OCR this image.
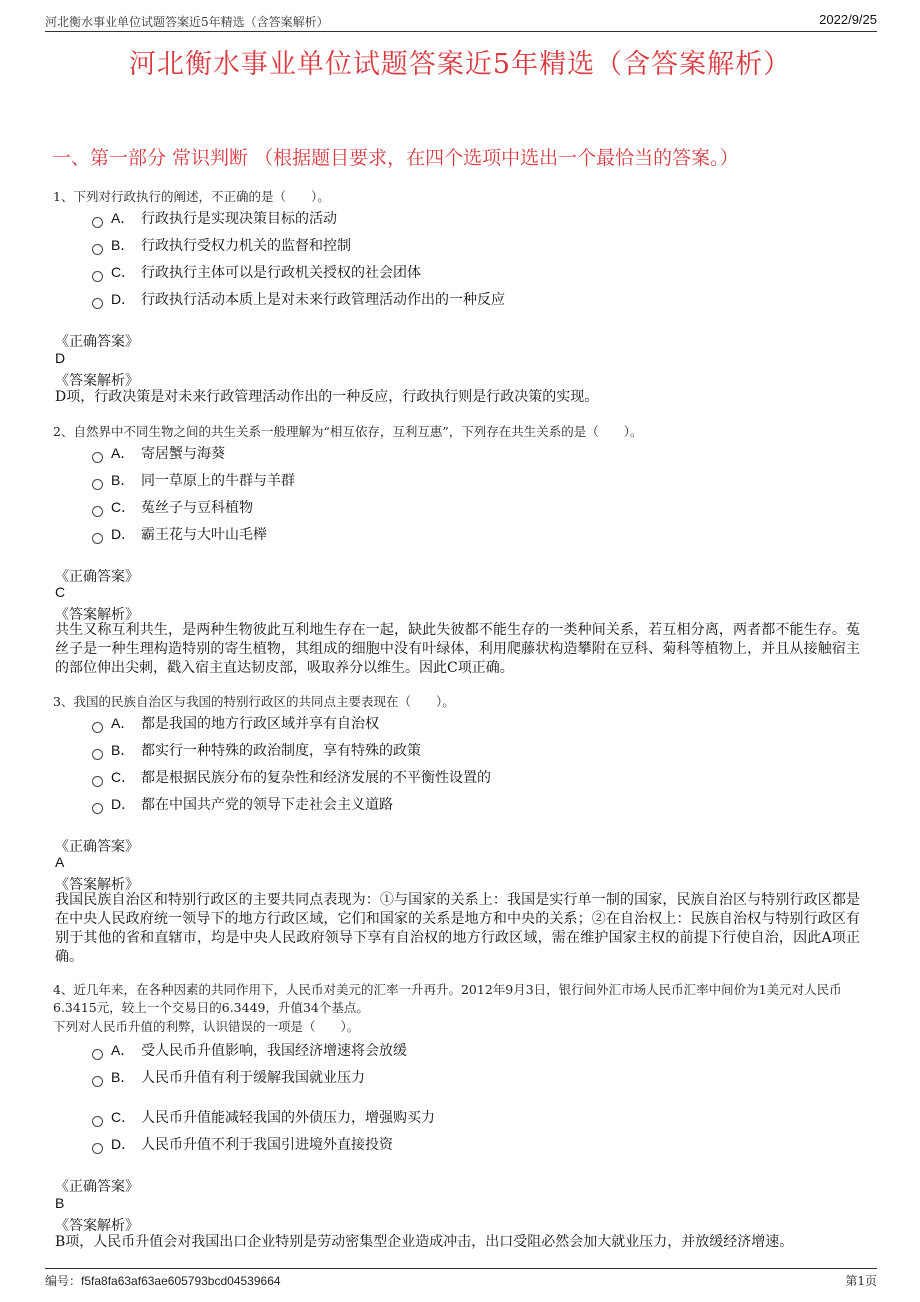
河北衡水事业单位试题答案近5年精选（含答案解析）	2022/9/25
河北衡水事业单位试题答案近5年精选（含答案解析）
一、第一部分 常识判断 （根据题目要求，在四个选项中选出一个最恰当的答案。）
1、下列对行政执行的阐述，不正确的是（　　）。
A． 行政执行是实现决策目标的活动
B． 行政执行受权力机关的监督和控制
C． 行政执行主体可以是行政机关授权的社会团体
D． 行政执行活动本质上是对未来行政管理活动作出的一种反应
《正确答案》
D
《答案解析》
D项，行政决策是对未来行政管理活动作出的一种反应，行政执行则是行政决策的实现。
2、自然界中不同生物之间的共生关系一般理解为“相互依存，互利互惠”，下列存在共生关系的是（　　）。
A． 寄居蟹与海葵
B． 同一草原上的牛群与羊群
C． 菟丝子与豆科植物
D． 霸王花与大叶山毛榉
《正确答案》
C
《答案解析》
共生又称互利共生，是两种生物彼此互利地生存在一起，缺此失彼都不能生存的一类种间关系，若互相分离，两者都不能生存。菟丝子是一种生理构造特别的寄生植物，其组成的细胞中没有叶绿体，利用爬藤状构造攀附在豆科、菊科等植物上，并且从接触宿主的部位伸出尖刺，戳入宿主直达韧皮部，吸取养分以维生。因此C项正确。
3、我国的民族自治区与我国的特别行政区的共同点主要表现在（　　）。
A． 都是我国的地方行政区域并享有自治权
B． 都实行一种特殊的政治制度，享有特殊的政策
C． 都是根据民族分布的复杂性和经济发展的不平衡性设置的
D． 都在中国共产党的领导下走社会主义道路
《正确答案》
A
《答案解析》
我国民族自治区和特别行政区的主要共同点表现为：①与国家的关系上：我国是实行单一制的国家，民族自治区与特别行政区都是在中央人民政府统一领导下的地方行政区域，它们和国家的关系是地方和中央的关系；②在自治权上：民族自治权与特别行政区有别于其他的省和直辖市，均是中央人民政府领导下享有自治权的地方行政区域，需在维护国家主权的前提下行使自治，因此A项正确。
4、近几年来，在各种因素的共同作用下，人民币对美元的汇率一升再升。2012年9月3日，银行间外汇市场人民币汇率中间价为1美元对人民币6.3415元，较上一个交易日的6.3449，升值34个基点。
下列对人民币升值的利弊，认识错误的一项是（　　）。
A． 受人民币升值影响，我国经济增速将会放缓
B． 人民币升值有利于缓解我国就业压力
C． 人民币升值能减轻我国的外债压力，增强购买力
D． 人民币升值不利于我国引进境外直接投资
《正确答案》
B
《答案解析》
B项，人民币升值会对我国出口企业特别是劳动密集型企业造成冲击，出口受阻必然会加大就业压力，并放缓经济增速。
编号：f5fa8fa63af63ae605793bcd04539664	第1页
